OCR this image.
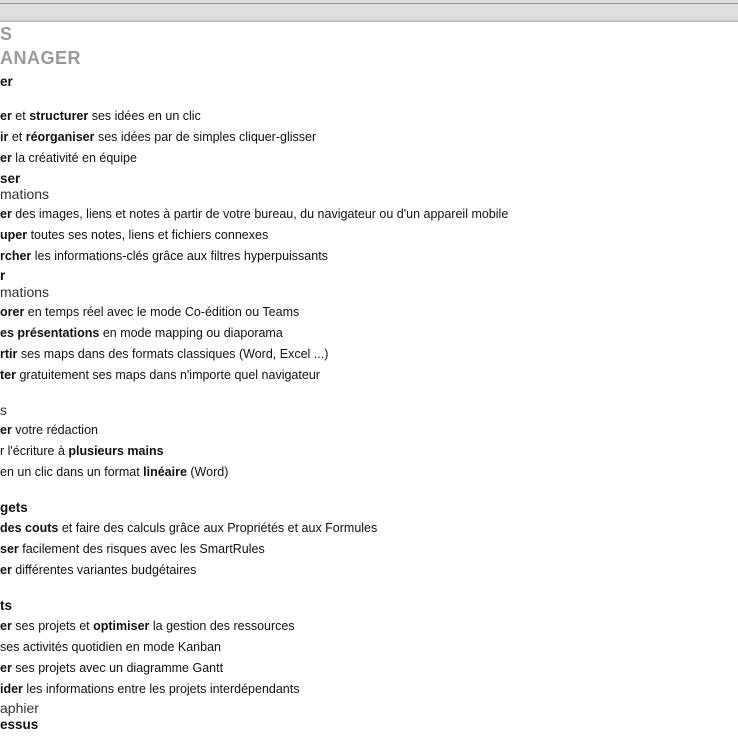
S
ANAGER
er
er et structurer ses idées en un clic
ir et réorganiser ses idées par de simples cliquer-glisser
er la créativité en équipe
ser
mations
er des images, liens et notes à partir de votre bureau, du navigateur ou d'un appareil mobile
uper toutes ses notes, liens et fichiers connexes
rcher les informations-clés grâce aux filtres hyperpuissants
r
mations
orer en temps réel avec le mode Co-édition ou Teams
es présentations en mode mapping ou diaporama
rtir ses maps dans des formats classiques (Word, Excel ...)
ter gratuitement ses maps dans n'importe quel navigateur
s
er votre rédaction
r l'écriture à plusieurs mains
en un clic dans un format linéaire (Word)
gets
des couts et faire des calculs grâce aux Propriétés et aux Formules
ser facilement des risques avec les SmartRules
er différentes variantes budgétaires
ts
er ses projets et optimiser la gestion des ressources
ses activités quotidien en mode Kanban
er ses projets avec un diagramme Gantt
ider les informations entre les projets interdépendants
aphier
essus
